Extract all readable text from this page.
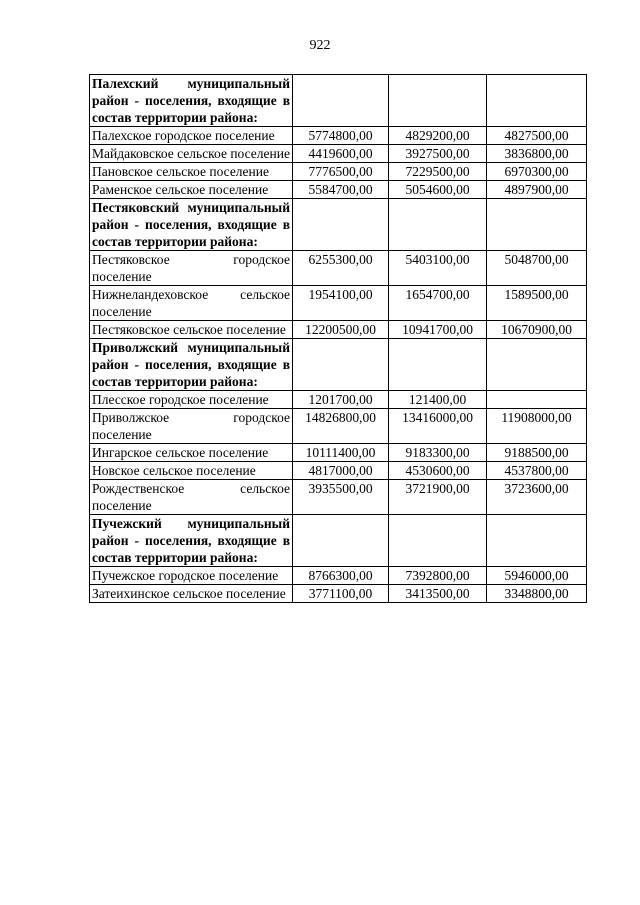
922
Палехский муниципальный район - поселения, входящие в состав территории района:			
Палехское городское поселение	5774800,00	4829200,00	4827500,00
Майдаковское сельское поселение	4419600,00	3927500,00	3836800,00
Пановское сельское поселение	7776500,00	7229500,00	6970300,00
Раменское сельское поселение	5584700,00	5054600,00	4897900,00
Пестяковский муниципальный район - поселения, входящие в состав территории района:			
Пестяковское городское поселение	6255300,00	5403100,00	5048700,00
Нижнеландеховское сельское поселение	1954100,00	1654700,00	1589500,00
Пестяковское сельское поселение	12200500,00	10941700,00	10670900,00
Приволжский муниципальный район - поселения, входящие в состав территории района:			
Плесское городское поселение	1201700,00	121400,00	
Приволжское городское поселение	14826800,00	13416000,00	11908000,00
Ингарское сельское поселение	10111400,00	9183300,00	9188500,00
Новское сельское поселение	4817000,00	4530600,00	4537800,00
Рождественское сельское поселение	3935500,00	3721900,00	3723600,00
Пучежский муниципальный район - поселения, входящие в состав территории района:			
Пучежское городское поселение	8766300,00	7392800,00	5946000,00
Затеихинское сельское поселение	3771100,00	3413500,00	3348800,00
